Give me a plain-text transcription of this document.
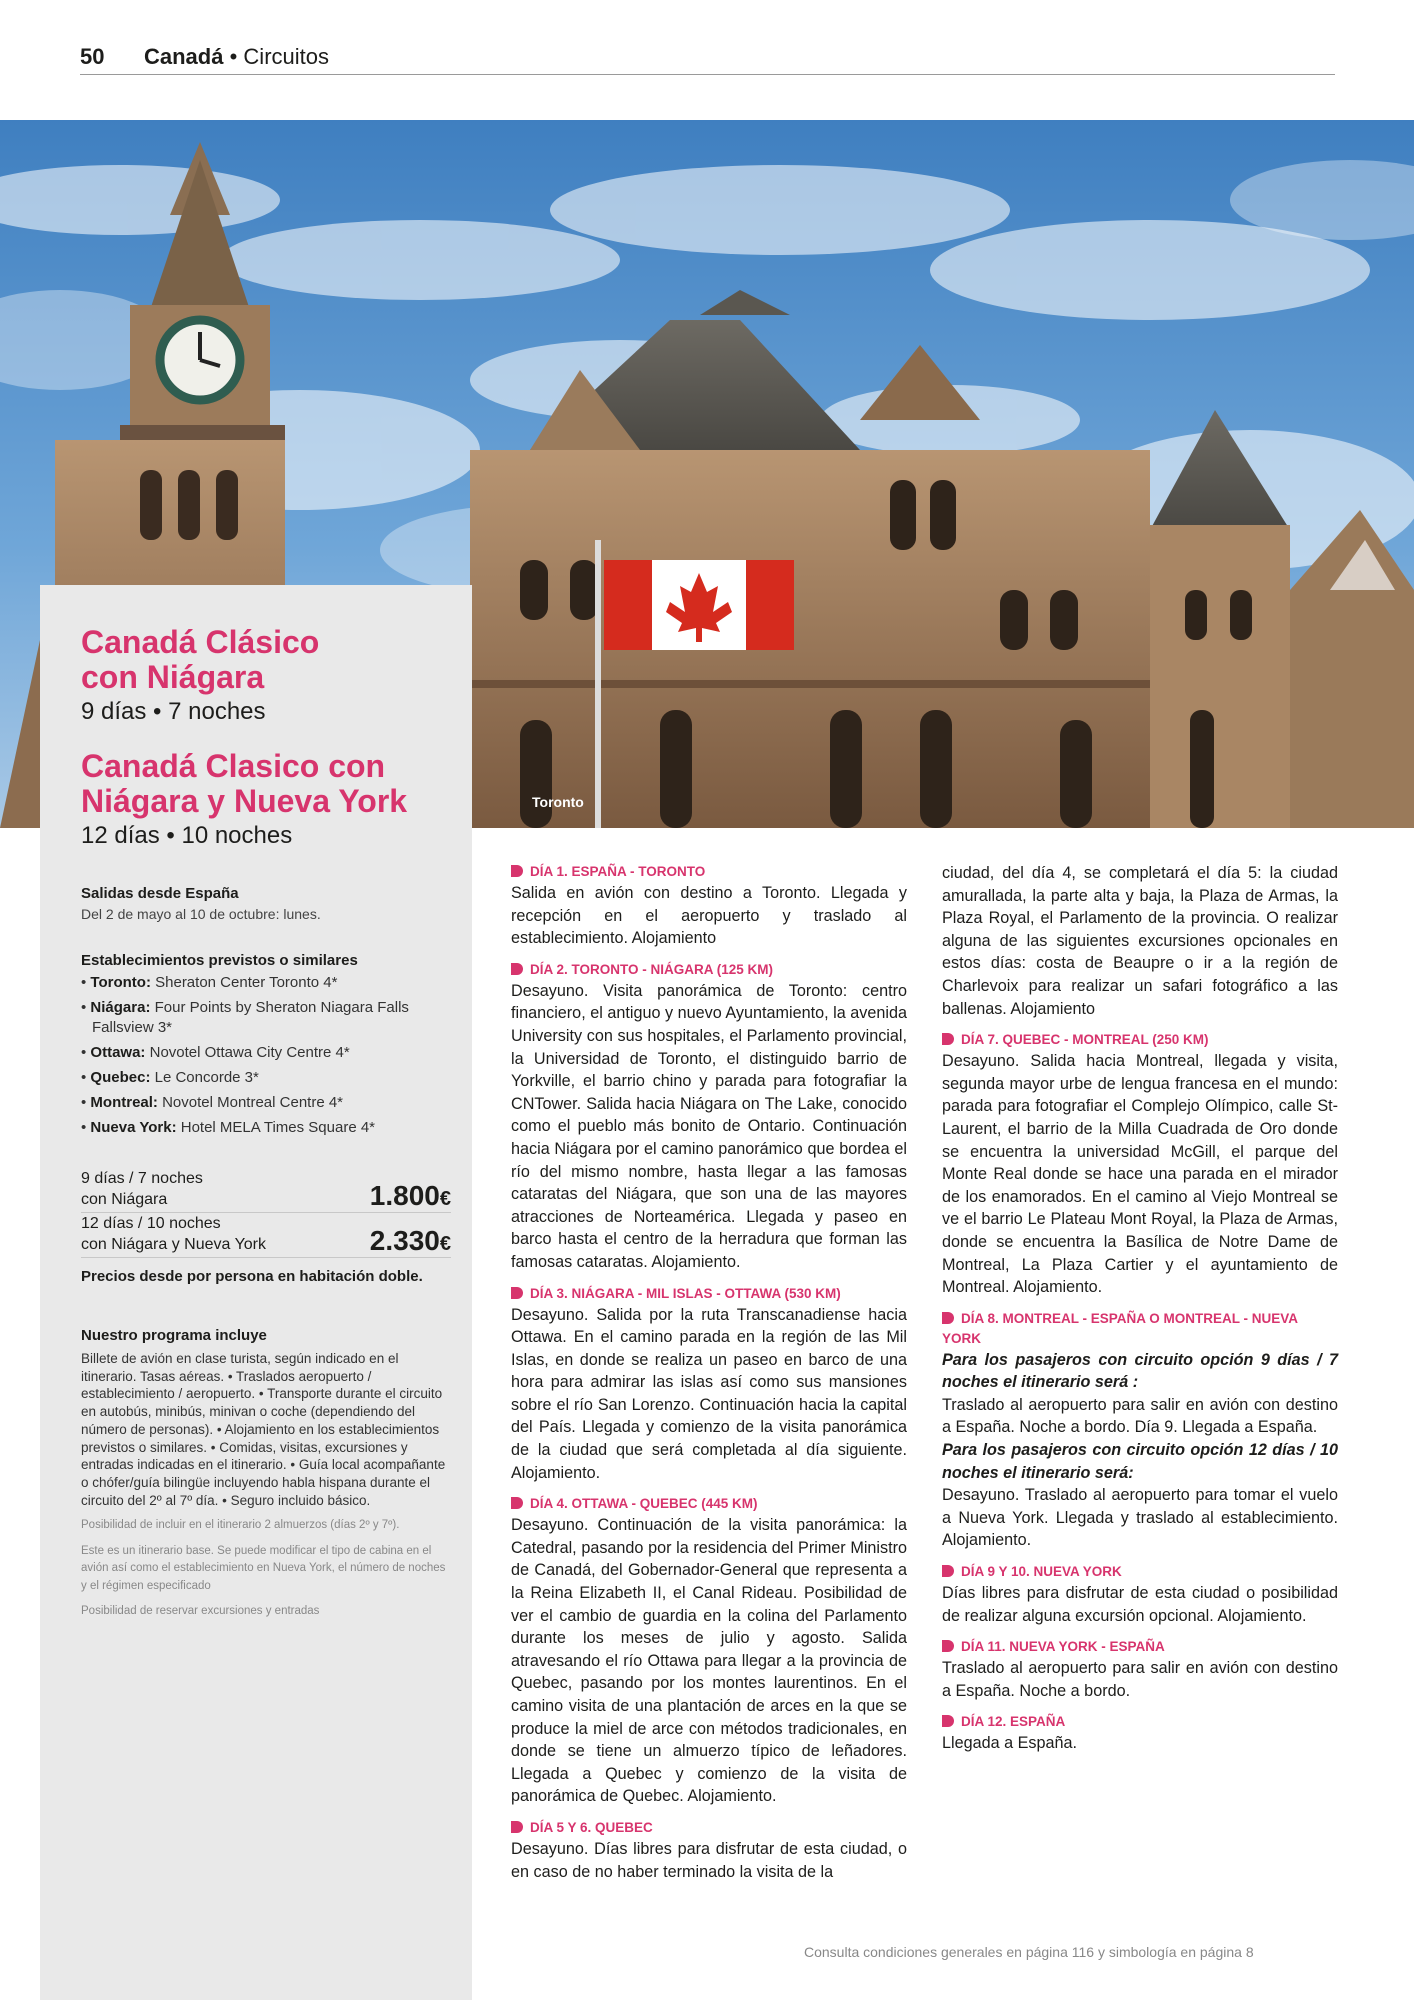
50 Canadá • Circuitos
Toronto

Canadá Clásico
con Niágara

9 días • 7 noches

Canadá Clasico con
Niágara y Nueva York

12 días • 10 noches

Salidas desde España

Del 2 de mayo al 10 de octubre: lunes.

Establecimientos previstos o similares

• Toronto: Sheraton Center Toronto 4*
• Niágara: Four Points by Sheraton Niagara Falls Fallsview 3*
• Ottawa: Novotel Ottawa City Centre 4*
• Quebec: Le Concorde 3*
• Montreal: Novotel Montreal Centre 4*
• Nueva York: Hotel MELA Times Square 4*
9 días / 7 noches
con Niágara	1.800€
12 días / 10 noches
con Niágara y Nueva York	2.330€

Precios desde por persona en habitación doble.

Nuestro programa incluye

Billete de avión en clase turista, según indicado en el itinerario. Tasas aéreas. • Traslados aeropuerto / establecimiento / aeropuerto. • Transporte durante el circuito en autobús, minibús, minivan o coche (dependiendo del número de personas). • Alojamiento en los establecimientos previstos o similares. • Comidas, visitas, excursiones y entradas indicadas en el itinerario. • Guía local acompañante o chófer/guía bilingüe incluyendo habla hispana durante el circuito del 2º al 7º día. • Seguro incluido básico.

Posibilidad de incluir en el itinerario 2 almuerzos (días 2º y 7º).

Este es un itinerario base. Se puede modificar el tipo de cabina en el avión así como el establecimiento en Nueva York, el número de noches y el régimen especificado

Posibilidad de reservar excursiones y entradas

DÍA 1. ESPAÑA - TORONTO

Salida en avión con destino a Toronto. Llegada y recepción en el aeropuerto y traslado al establecimiento. Alojamiento

DÍA 2. TORONTO - NIÁGARA (125 KM)

Desayuno. Visita panorámica de Toronto: centro financiero, el antiguo y nuevo Ayuntamiento, la avenida University con sus hospitales, el Parlamento provincial, la Universidad de Toronto, el distinguido barrio de Yorkville, el barrio chino y parada para fotografiar la CNTower. Salida hacia Niágara on The Lake, conocido como el pueblo más bonito de Ontario. Continuación hacia Niágara por el camino panorámico que bordea el río del mismo nombre, hasta llegar a las famosas cataratas del Niágara, que son una de las mayores atracciones de Norteamérica. Llegada y paseo en barco hasta el centro de la herradura que forman las famosas cataratas. Alojamiento.

DÍA 3. NIÁGARA - MIL ISLAS - OTTAWA (530 KM)

Desayuno. Salida por la ruta Transcanadiense hacia Ottawa. En el camino parada en la región de las Mil Islas, en donde se realiza un paseo en barco de una hora para admirar las islas así como sus mansiones sobre el río San Lorenzo. Continuación hacia la capital del País. Llegada y comienzo de la visita panorámica de la ciudad que será completada al día siguiente. Alojamiento.

DÍA 4. OTTAWA - QUEBEC (445 KM)

Desayuno. Continuación de la visita panorámica: la Catedral, pasando por la residencia del Primer Ministro de Canadá, del Gobernador-General que representa a la Reina Elizabeth II, el Canal Rideau. Posibilidad de ver el cambio de guardia en la colina del Parlamento durante los meses de julio y agosto. Salida atravesando el río Ottawa para llegar a la provincia de Quebec, pasando por los montes laurentinos. En el camino visita de una plantación de arces en la que se produce la miel de arce con métodos tradicionales, en donde se tiene un almuerzo típico de leñadores. Llegada a Quebec y comienzo de la visita de panorámica de Quebec. Alojamiento.

DÍA 5 Y 6. QUEBEC

Desayuno. Días libres para disfrutar de esta ciudad, o en caso de no haber terminado la visita de la

ciudad, del día 4, se completará el día 5: la ciudad amurallada, la parte alta y baja, la Plaza de Armas, la Plaza Royal, el Parlamento de la provincia. O realizar alguna de las siguientes excursiones opcionales en estos días: costa de Beaupre o ir a la región de Charlevoix para realizar un safari fotográfico a las ballenas. Alojamiento

DÍA 7. QUEBEC - MONTREAL (250 KM)

Desayuno. Salida hacia Montreal, llegada y visita, segunda mayor urbe de lengua francesa en el mundo: parada para fotografiar el Complejo Olímpico, calle St-Laurent, el barrio de la Milla Cuadrada de Oro donde se encuentra la universidad McGill, el parque del Monte Real donde se hace una parada en el mirador de los enamorados. En el camino al Viejo Montreal se ve el barrio Le Plateau Mont Royal, la Plaza de Armas, donde se encuentra la Basílica de Notre Dame de Montreal, La Plaza Cartier y el ayuntamiento de Montreal. Alojamiento.

DÍA 8. MONTREAL - ESPAÑA O MONTREAL - NUEVA YORK

Para los pasajeros con circuito opción 9 días / 7 noches el itinerario será :

Traslado al aeropuerto para salir en avión con destino a España. Noche a bordo. Día 9. Llegada a España.

Para los pasajeros con circuito opción 12 días / 10 noches el itinerario será:

Desayuno. Traslado al aeropuerto para tomar el vuelo a Nueva York. Llegada y traslado al establecimiento. Alojamiento.

DÍA 9 Y 10. NUEVA YORK

Días libres para disfrutar de esta ciudad o posibilidad de realizar alguna excursión opcional. Alojamiento.

DÍA 11. NUEVA YORK - ESPAÑA

Traslado al aeropuerto para salir en avión con destino a España. Noche a bordo.

DÍA 12. ESPAÑA

Llegada a España.

Consulta condiciones generales en página 116 y simbología en página 8
